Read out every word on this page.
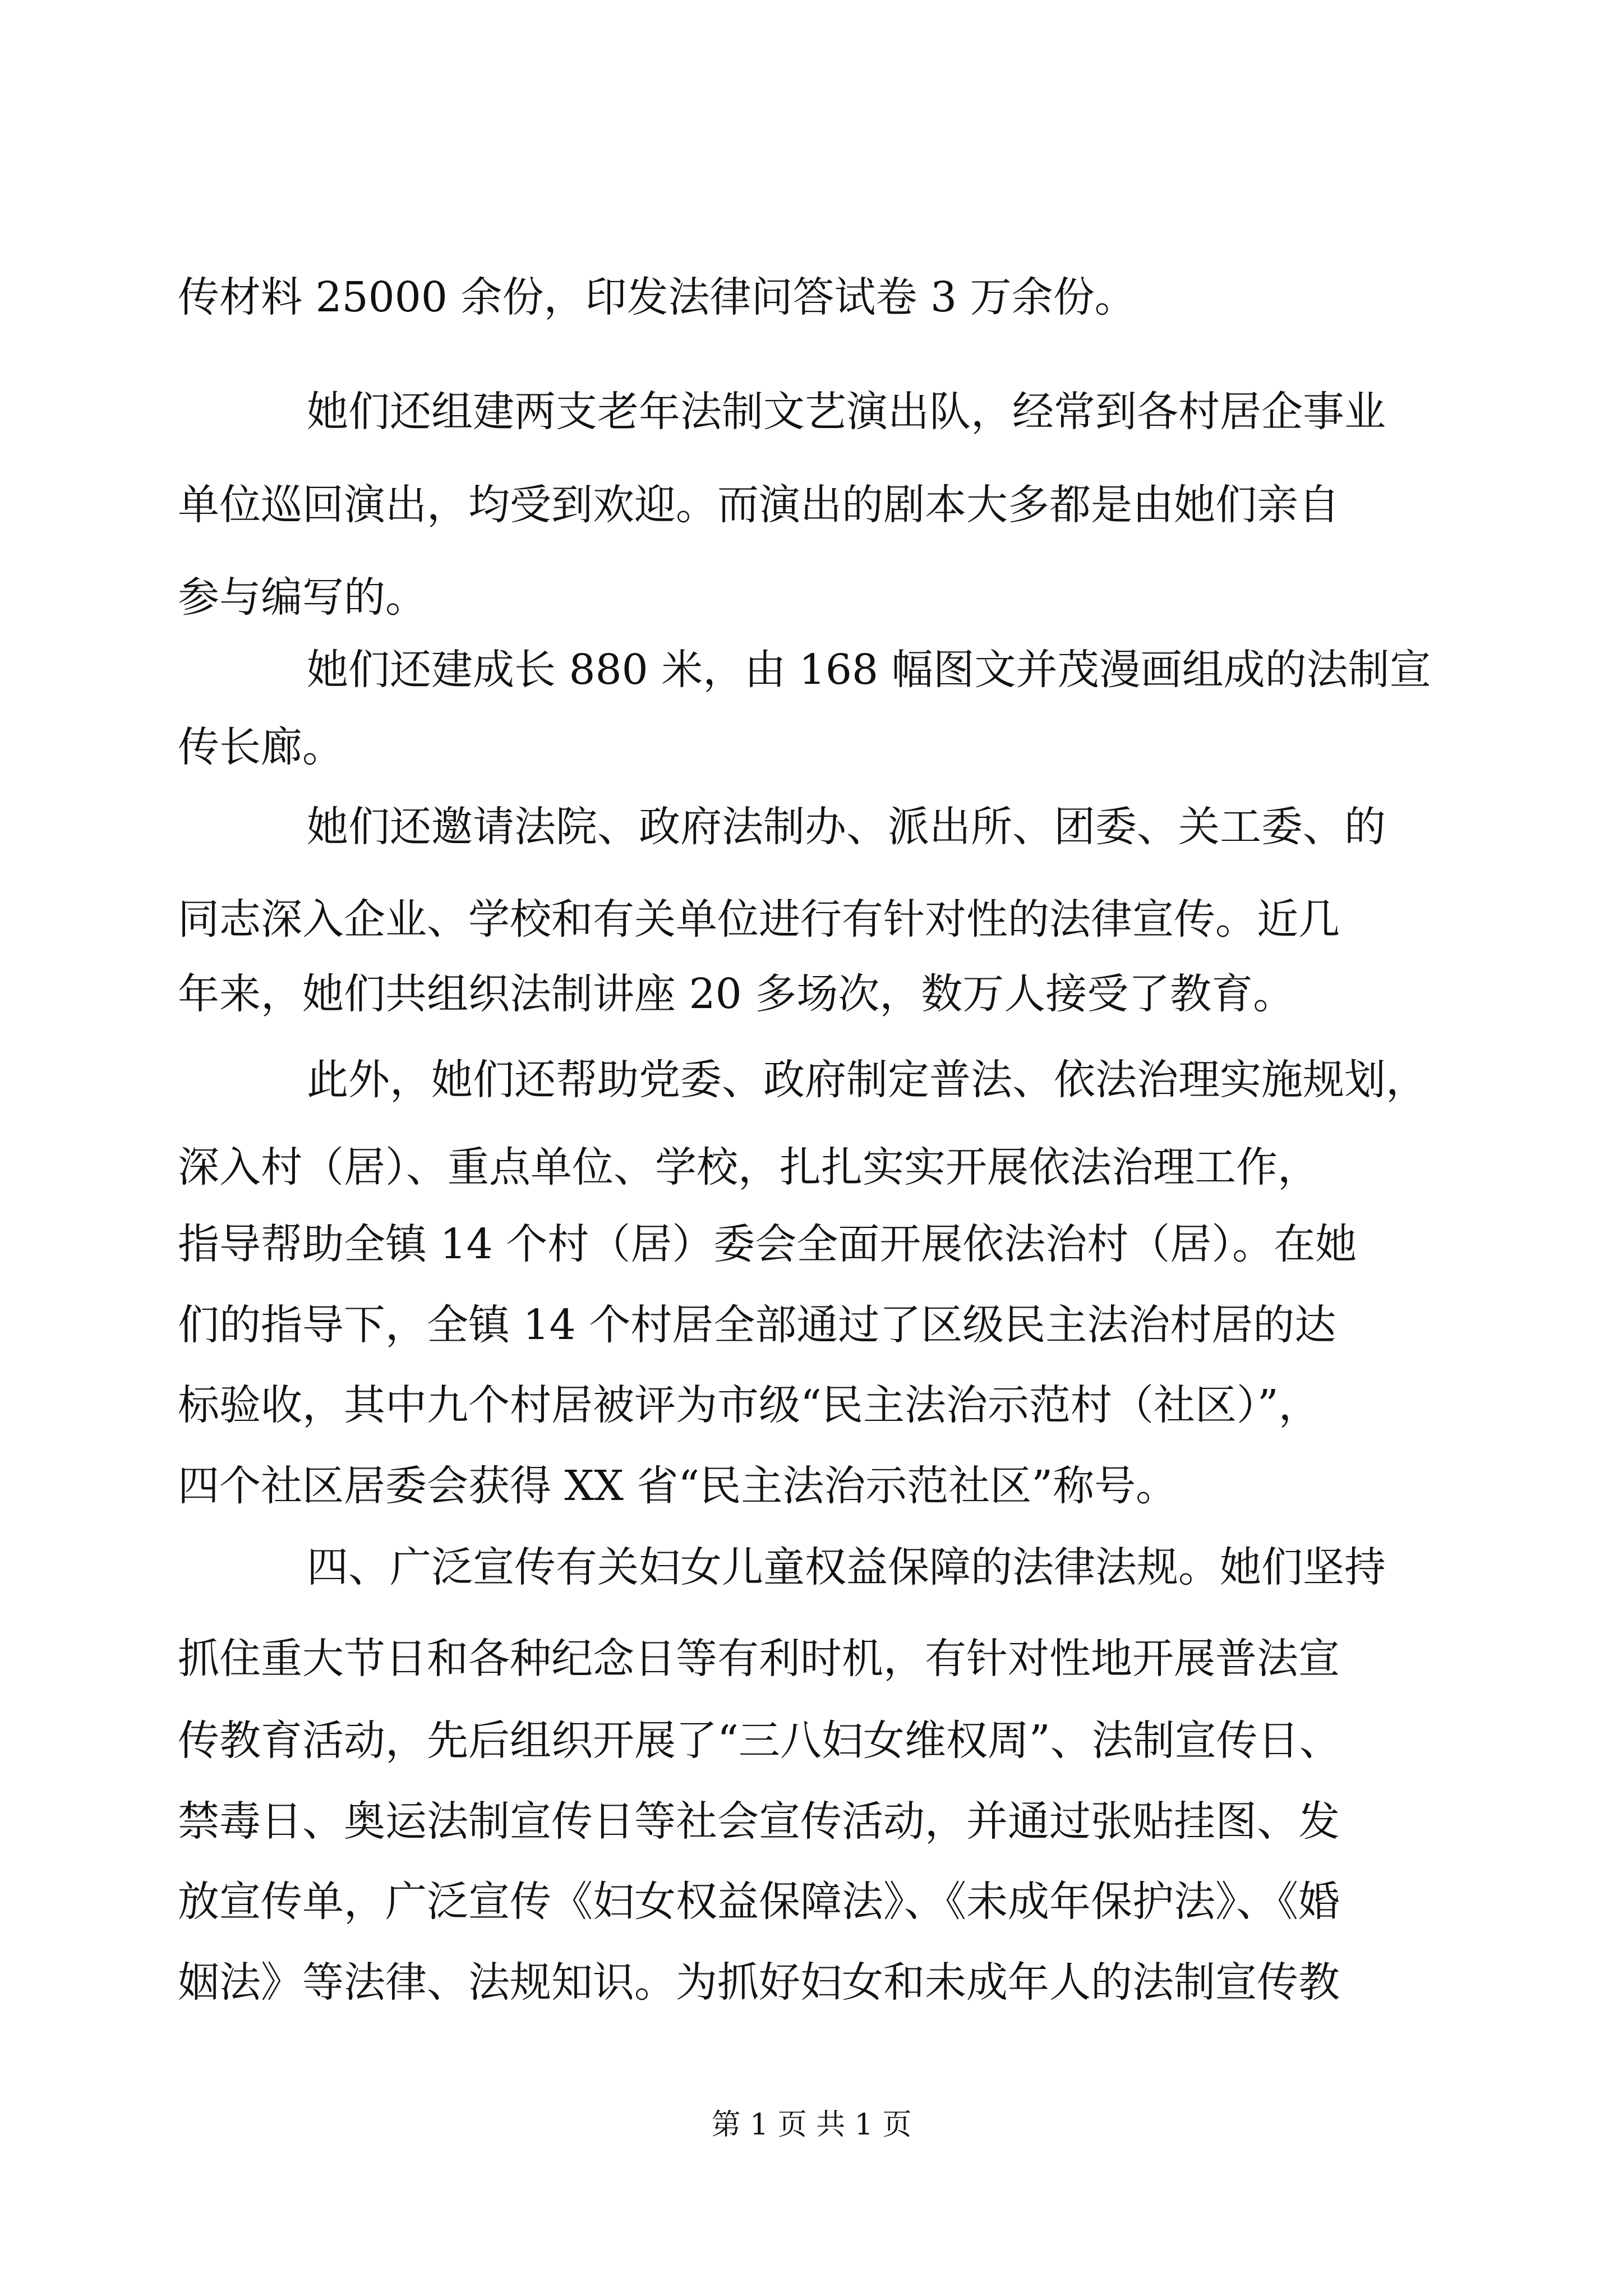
传材料 25000 余份，印发法律问答试卷 3 万余份。
她们还组建两支老年法制文艺演出队，经常到各村居企事业
单位巡回演出，均受到欢迎。而演出的剧本大多都是由她们亲自
参与编写的。
她们还建成长 880 米，由 168 幅图文并茂漫画组成的法制宣
传长廊。
她们还邀请法院、政府法制办、派出所、团委、关工委、的
同志深入企业、学校和有关单位进行有针对性的法律宣传。近几
年来，她们共组织法制讲座 20 多场次，数万人接受了教育。
此外，她们还帮助党委、政府制定普法、依法治理实施规划，
深入村（居）、重点单位、学校，扎扎实实开展依法治理工作，
指导帮助全镇 14 个村（居）委会全面开展依法治村（居）。在她
们的指导下，全镇 14 个村居全部通过了区级民主法治村居的达
标验收，其中九个村居被评为市级“民主法治示范村（社区）”，
四个社区居委会获得 XX 省“民主法治示范社区”称号。
四、广泛宣传有关妇女儿童权益保障的法律法规。她们坚持
抓住重大节日和各种纪念日等有利时机，有针对性地开展普法宣
传教育活动，先后组织开展了“三八妇女维权周”、法制宣传日、
禁毒日、奥运法制宣传日等社会宣传活动，并通过张贴挂图、发
放宣传单，广泛宣传《妇女权益保障法》、《未成年保护法》、《婚
姻法》等法律、法规知识。为抓好妇女和未成年人的法制宣传教
第 1 页 共 1 页
